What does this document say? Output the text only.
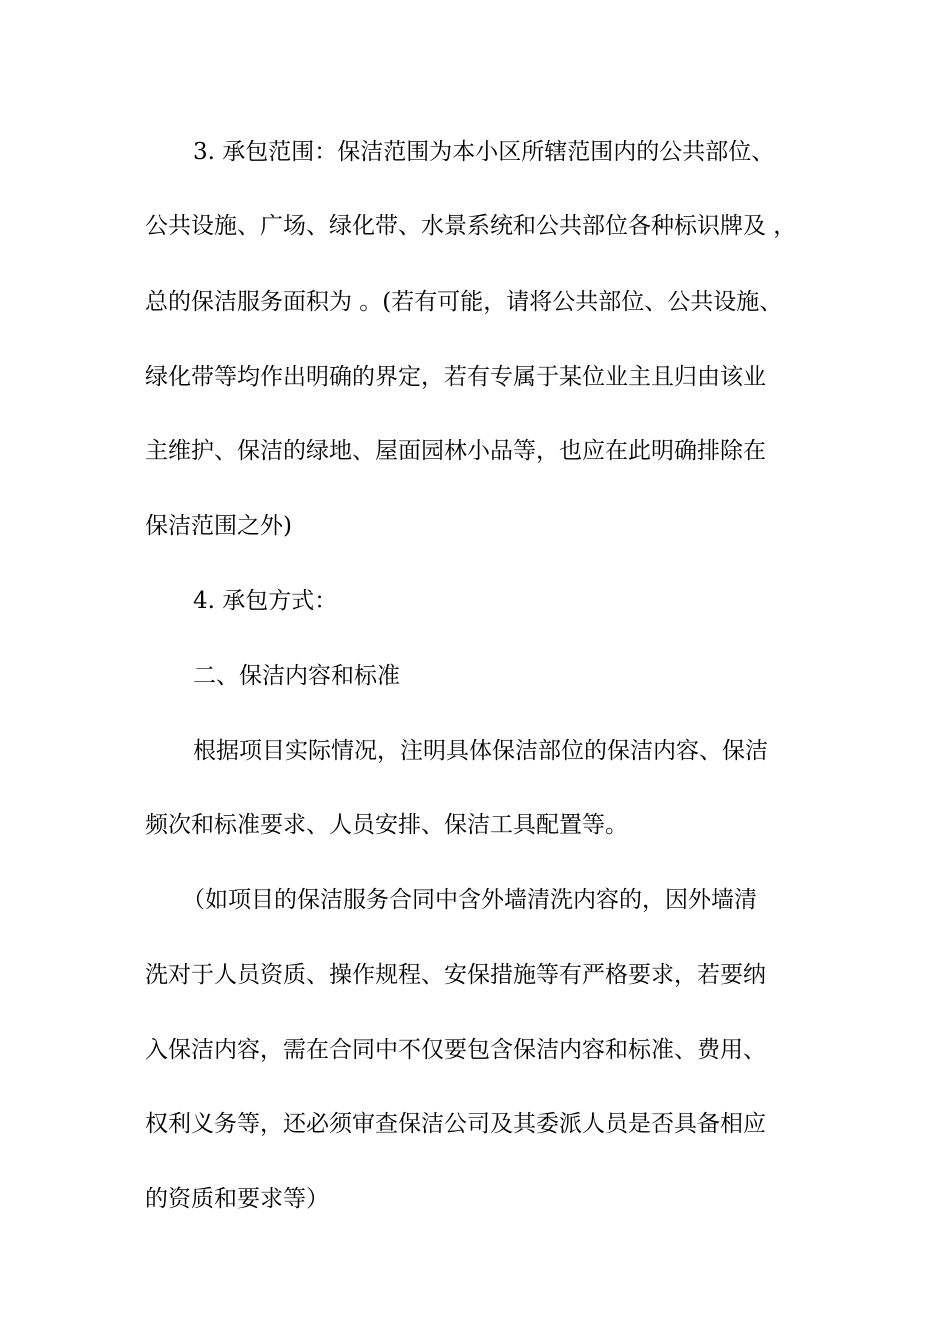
3. 承包范围：保洁范围为本小区所辖范围内的公共部位、
公共设施、广场、绿化带、水景系统和公共部位各种标识牌及 ，
总的保洁服务面积为 。(若有可能，请将公共部位、公共设施、
绿化带等均作出明确的界定，若有专属于某位业主且归由该业
主维护、保洁的绿地、屋面园林小品等，也应在此明确排除在
保洁范围之外)
4. 承包方式：
二、保洁内容和标准
根据项目实际情况，注明具体保洁部位的保洁内容、保洁
频次和标准要求、人员安排、保洁工具配置等。
（如项目的保洁服务合同中含外墙清洗内容的，因外墙清
洗对于人员资质、操作规程、安保措施等有严格要求，若要纳
入保洁内容，需在合同中不仅要包含保洁内容和标准、费用、
权利义务等，还必须审查保洁公司及其委派人员是否具备相应
的资质和要求等）
